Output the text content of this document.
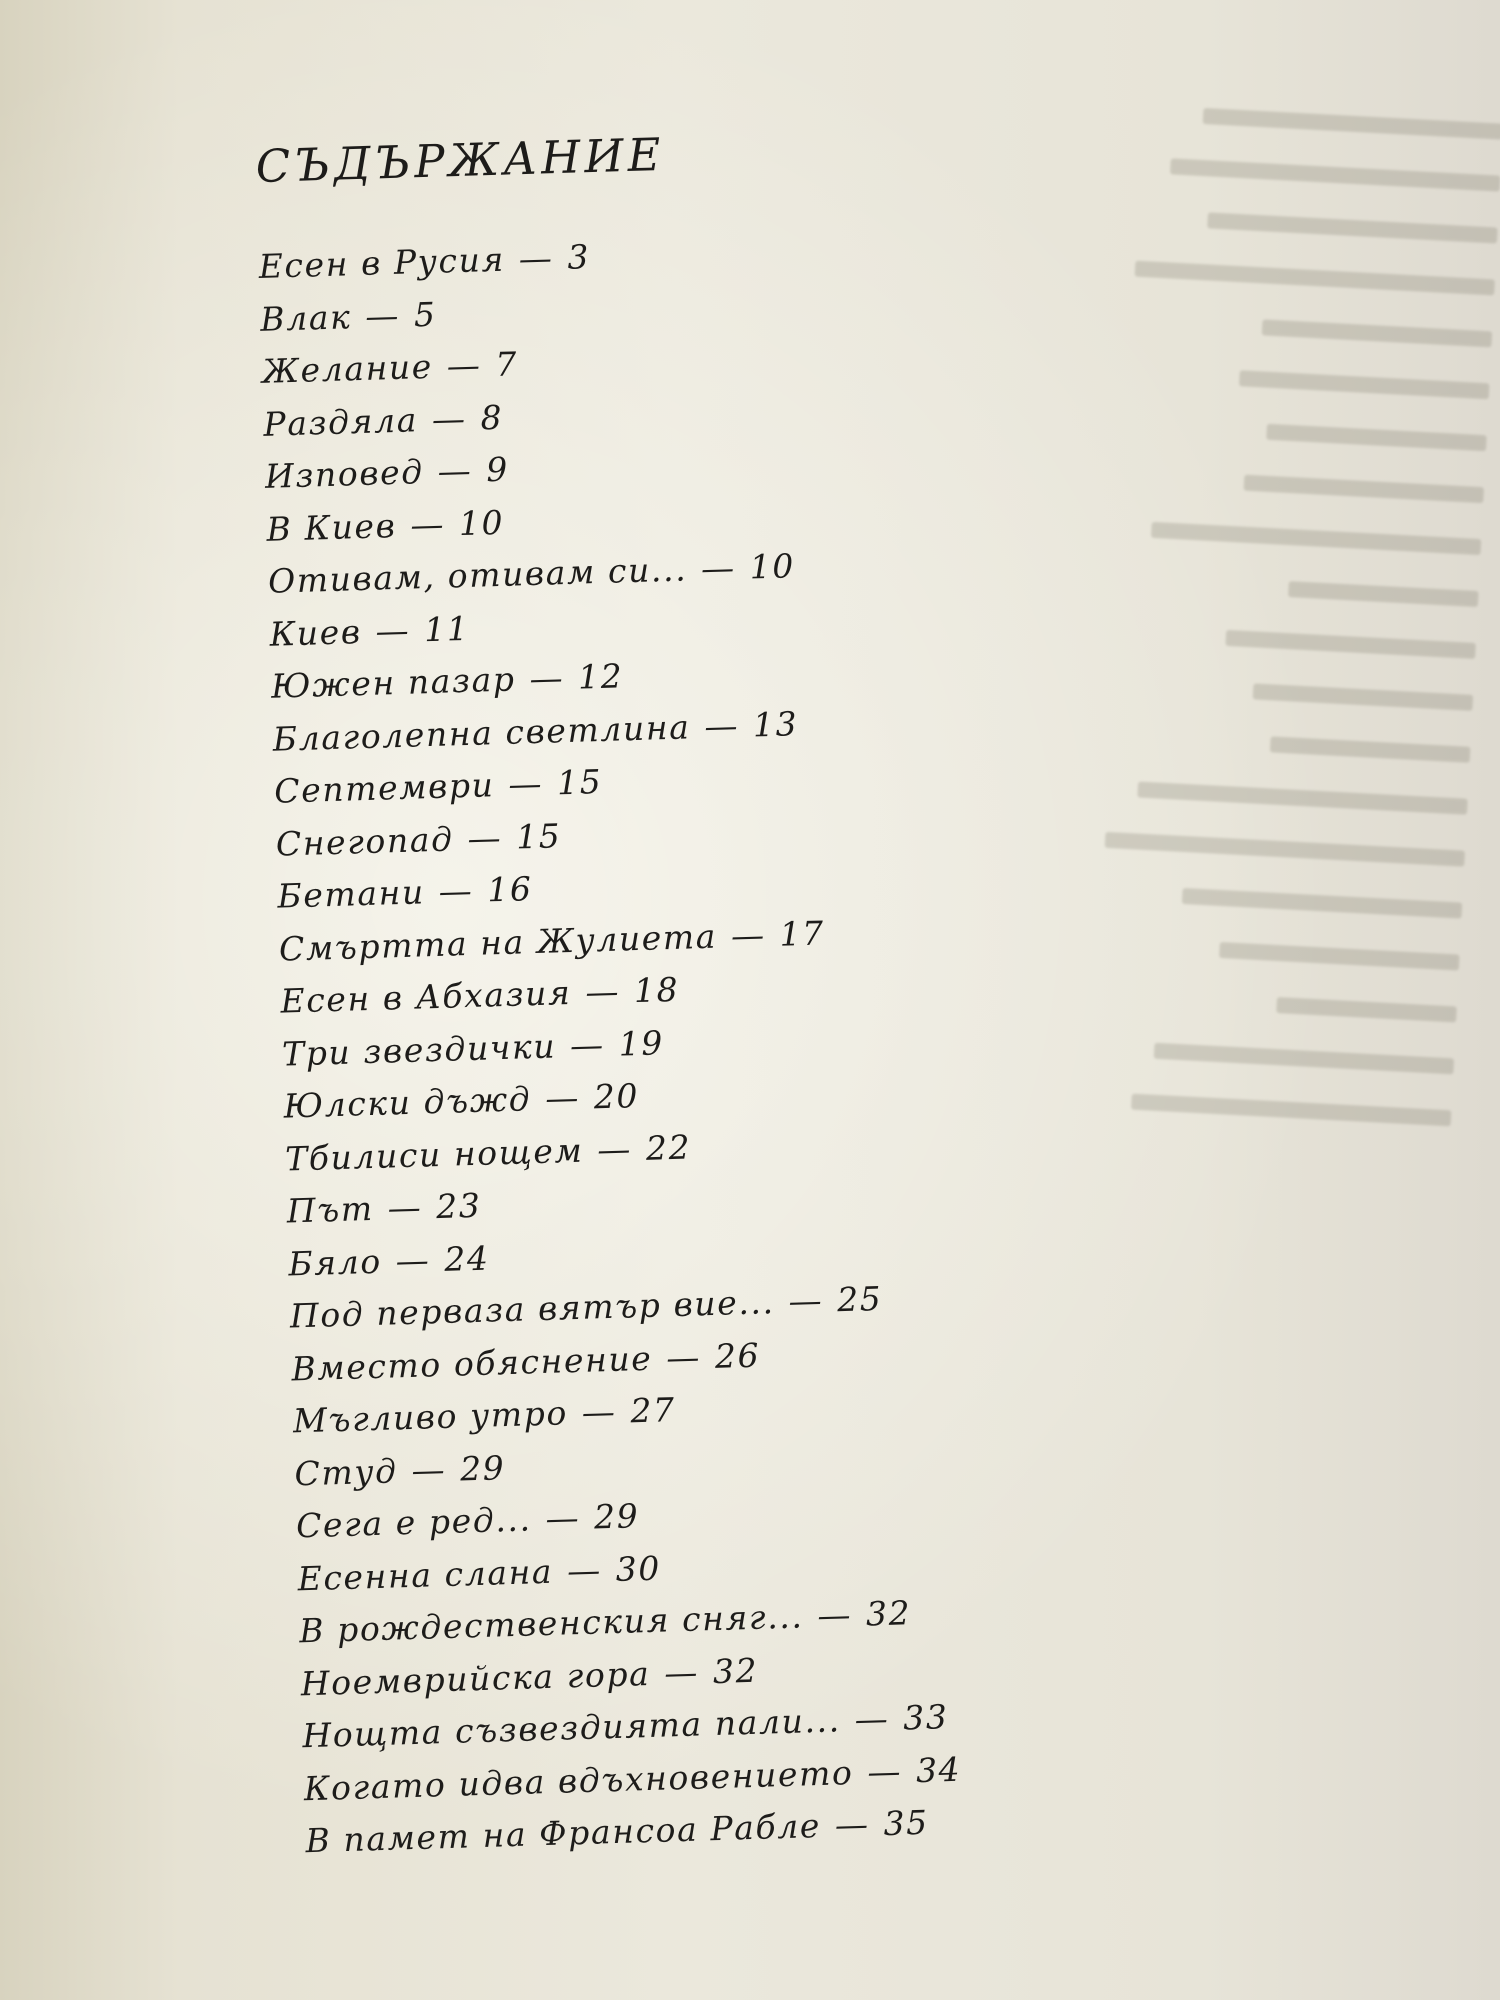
СЪДЪРЖАНИЕ
Есен в Русия — 3
Влак — 5
Желание — 7
Раздяла — 8
Изповед — 9
В Киев — 10
Отивам, отивам си... — 10
Киев — 11
Южен пазар — 12
Благолепна светлина — 13
Септември — 15
Снегопад — 15
Бетани — 16
Смъртта на Жулиета — 17
Есен в Абхазия — 18
Три звездички — 19
Юлски дъжд — 20
Тбилиси нощем — 22
Път — 23
Бяло — 24
Под перваза вятър вие... — 25
Вместо обяснение — 26
Мъгливо утро — 27
Студ — 29
Сега е ред... — 29
Есенна слана — 30
В рождественския сняг... — 32
Ноемврийска гора — 32
Нощта съзвездията пали... — 33
Когато идва вдъхновението — 34
В памет на Франсоа Рабле — 35
